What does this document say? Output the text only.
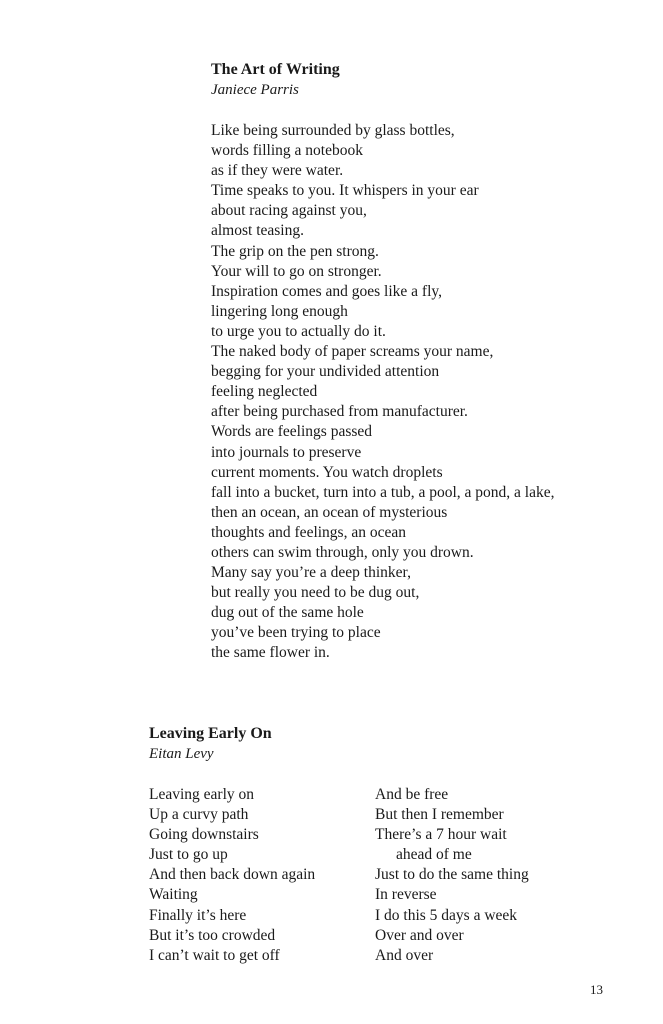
The Art of Writing

Janiece Parris

Like being surrounded by glass bottles,
words filling a notebook
as if they were water.
Time speaks to you. It whispers in your ear
about racing against you,
almost teasing.
The grip on the pen strong.
Your will to go on stronger.
Inspiration comes and goes like a fly,
lingering long enough
to urge you to actually do it.
The naked body of paper screams your name,
begging for your undivided attention
feeling neglected
after being purchased from manufacturer.
Words are feelings passed
into journals to preserve
current moments. You watch droplets
fall into a bucket, turn into a tub, a pool, a pond, a lake,
then an ocean, an ocean of mysterious
thoughts and feelings, an ocean
others can swim through, only you drown.
Many say you’re a deep thinker,
but really you need to be dug out,
dug out of the same hole
you’ve been trying to place
the same flower in.
Leaving Early On

Eitan Levy

Leaving early on
Up a curvy path
Going downstairs
Just to go up
And then back down again
Waiting
Finally it’s here
But it’s too crowded
I can’t wait to get off
And be free
But then I remember
There’s a 7 hour wait
ahead of me
Just to do the same thing
In reverse
I do this 5 days a week
Over and over
And over
13
